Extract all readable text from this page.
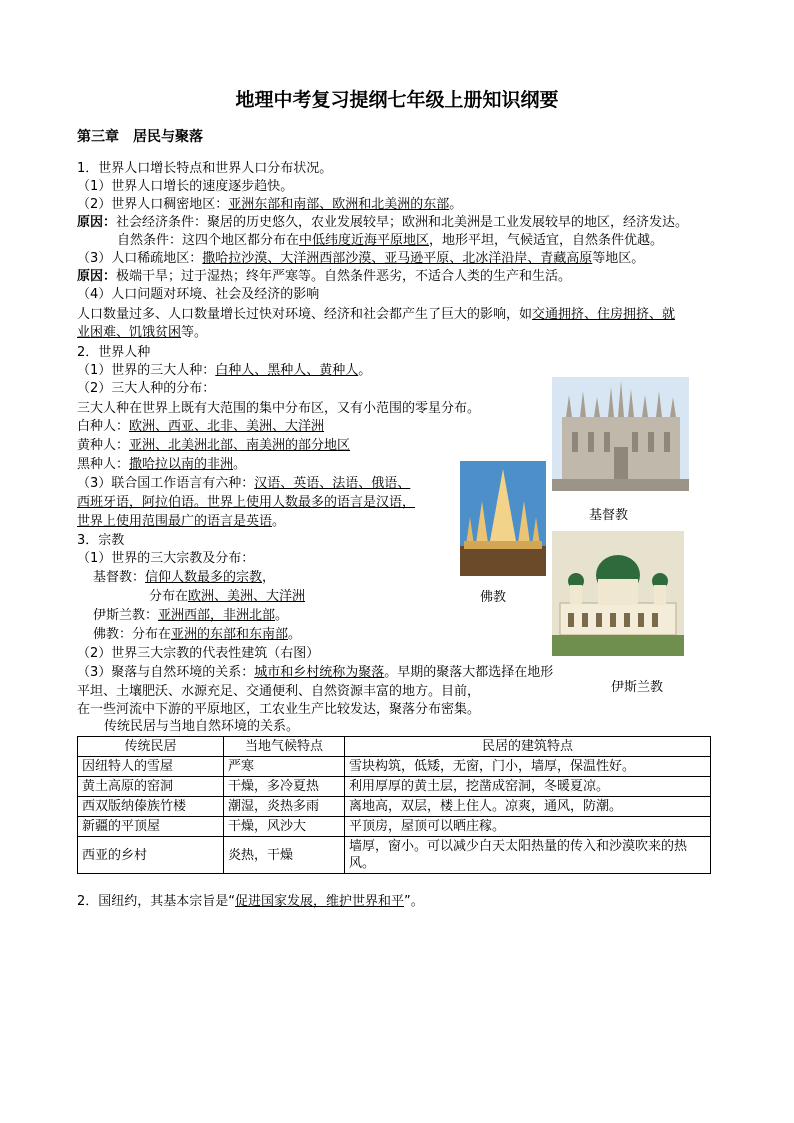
地理中考复习提纲七年级上册知识纲要
第三章　居民与聚落
1．世界人口增长特点和世界人口分布状况。
（1）世界人口增长的速度逐步趋快。
（2）世界人口稠密地区：亚洲东部和南部、欧洲和北美洲的东部。
原因：社会经济条件：聚居的历史悠久，农业发展较早；欧洲和北美洲是工业发展较早的地区，经济发达。
自然条件：这四个地区都分布在中低纬度近海平原地区，地形平坦，气候适宜，自然条件优越。
（3）人口稀疏地区：撒哈拉沙漠、大洋洲西部沙漠、亚马逊平原、北冰洋沿岸、青藏高原等地区。
原因：极端干旱；过于湿热；终年严寒等。自然条件恶劣，不适合人类的生产和生活。
（4）人口问题对环境、社会及经济的影响
人口数量过多、人口数量增长过快对环境、经济和社会都产生了巨大的影响，如交通拥挤、住房拥挤、就
业困难、饥饿贫困等。
2．世界人种
（1）世界的三大人种：白种人、黑种人、黄种人。
（2）三大人种的分布：
三大人种在世界上既有大范围的集中分布区，又有小范围的零星分布。
白种人：欧洲、西亚、北非、美洲、大洋洲
黄种人：亚洲、北美洲北部、南美洲的部分地区
黑种人：撒哈拉以南的非洲。
（3）联合国工作语言有六种：汉语、英语、法语、俄语、
西班牙语，阿拉伯语。世界上使用人数最多的语言是汉语，
世界上使用范围最广的语言是英语。
3．宗教
（1）世界的三大宗教及分布：
基督教：信仰人数最多的宗教，
分布在欧洲、美洲、大洋洲
伊斯兰教：亚洲西部，非洲北部。
佛教：分布在亚洲的东部和东南部。
（2）世界三大宗教的代表性建筑（右图）
（3）聚落与自然环境的关系：城市和乡村统称为聚落。早期的聚落大都选择在地形
平坦、土壤肥沃、水源充足、交通便利、自然资源丰富的地方。目前，
在一些河流中下游的平原地区，工农业生产比较发达，聚落分布密集。
传统民居与当地自然环境的关系。
基督教
佛教
伊斯兰教
传统民居	当地气候特点	民居的建筑特点
因纽特人的雪屋	严寒	雪块构筑，低矮，无窗，门小，墙厚，保温性好。
黄土高原的窑洞	干燥，多冷夏热	利用厚厚的黄土层，挖凿成窑洞，冬暖夏凉。
西双版纳傣族竹楼	潮湿，炎热多雨	离地高，双层，楼上住人。凉爽，通风，防潮。
新疆的平顶屋	干燥，风沙大	平顶房，屋顶可以晒庄稼。
西亚的乡村	炎热，干燥	墙厚，窗小。可以减少白天太阳热量的传入和沙漠吹来的热风。
2．国纽约，其基本宗旨是“促进国家发展，维护世界和平”。
